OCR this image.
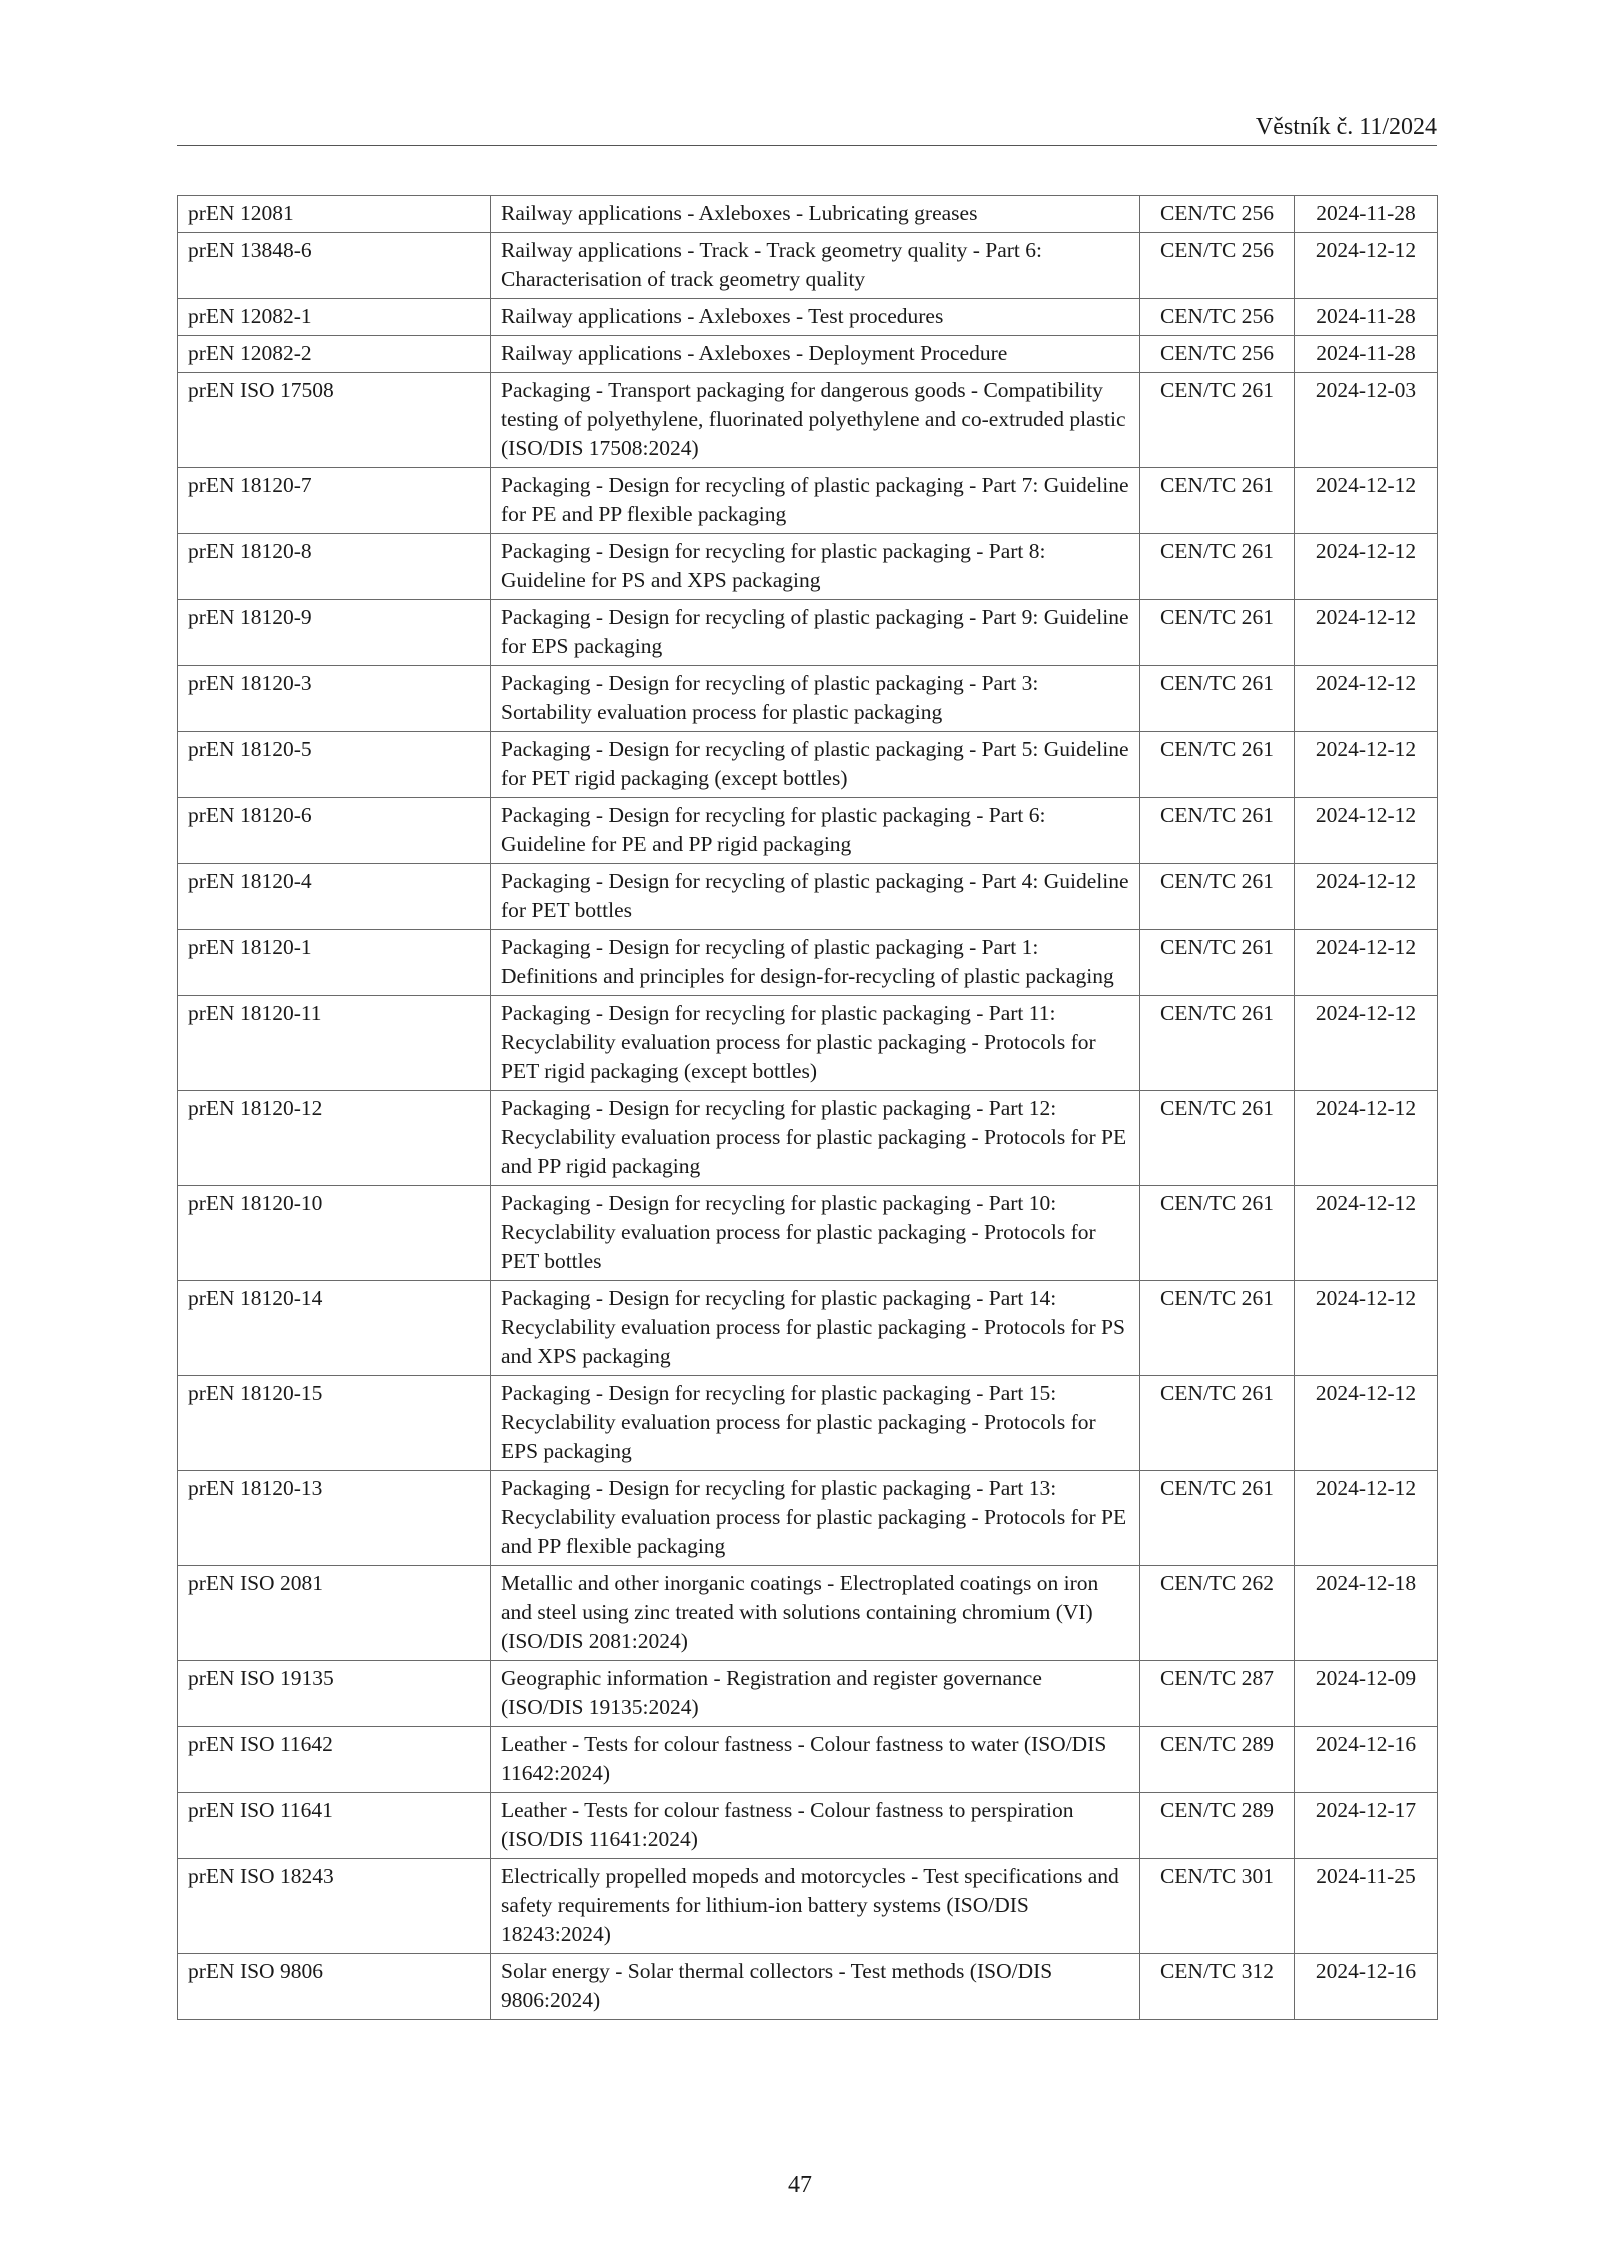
Věstník č. 11/2024
prEN 12081	Railway applications - Axleboxes - Lubricating greases	CEN/TC 256	2024-11-28
prEN 13848-6	Railway applications - Track - Track geometry quality - Part 6: Characterisation of track geometry quality	CEN/TC 256	2024-12-12
prEN 12082-1	Railway applications - Axleboxes - Test procedures	CEN/TC 256	2024-11-28
prEN 12082-2	Railway applications - Axleboxes - Deployment Procedure	CEN/TC 256	2024-11-28
prEN ISO 17508	Packaging - Transport packaging for dangerous goods - Compatibility testing of polyethylene, fluorinated polyethylene and co-extruded plastic (ISO/DIS 17508:2024)	CEN/TC 261	2024-12-03
prEN 18120-7	Packaging - Design for recycling of plastic packaging - Part 7: Guideline for PE and PP flexible packaging	CEN/TC 261	2024-12-12
prEN 18120-8	Packaging - Design for recycling for plastic packaging - Part 8: Guideline for PS and XPS packaging	CEN/TC 261	2024-12-12
prEN 18120-9	Packaging - Design for recycling of plastic packaging - Part 9: Guideline for EPS packaging	CEN/TC 261	2024-12-12
prEN 18120-3	Packaging - Design for recycling of plastic packaging - Part 3: Sortability evaluation process for plastic packaging	CEN/TC 261	2024-12-12
prEN 18120-5	Packaging - Design for recycling of plastic packaging - Part 5: Guideline for PET rigid packaging (except bottles)	CEN/TC 261	2024-12-12
prEN 18120-6	Packaging - Design for recycling for plastic packaging - Part 6: Guideline for PE and PP rigid packaging	CEN/TC 261	2024-12-12
prEN 18120-4	Packaging - Design for recycling of plastic packaging - Part 4: Guideline for PET bottles	CEN/TC 261	2024-12-12
prEN 18120-1	Packaging - Design for recycling of plastic packaging - Part 1: Definitions and principles for design-for-recycling of plastic packaging	CEN/TC 261	2024-12-12
prEN 18120-11	Packaging - Design for recycling for plastic packaging - Part 11: Recyclability evaluation process for plastic packaging - Protocols for PET rigid packaging (except bottles)	CEN/TC 261	2024-12-12
prEN 18120-12	Packaging - Design for recycling for plastic packaging - Part 12: Recyclability evaluation process for plastic packaging - Protocols for PE and PP rigid packaging	CEN/TC 261	2024-12-12
prEN 18120-10	Packaging - Design for recycling for plastic packaging - Part 10: Recyclability evaluation process for plastic packaging - Protocols for PET bottles	CEN/TC 261	2024-12-12
prEN 18120-14	Packaging - Design for recycling for plastic packaging - Part 14: Recyclability evaluation process for plastic packaging - Protocols for PS and XPS packaging	CEN/TC 261	2024-12-12
prEN 18120-15	Packaging - Design for recycling for plastic packaging - Part 15: Recyclability evaluation process for plastic packaging - Protocols for EPS packaging	CEN/TC 261	2024-12-12
prEN 18120-13	Packaging - Design for recycling for plastic packaging - Part 13: Recyclability evaluation process for plastic packaging - Protocols for PE and PP flexible packaging	CEN/TC 261	2024-12-12
prEN ISO 2081	Metallic and other inorganic coatings - Electroplated coatings on iron and steel using zinc treated with solutions containing chromium (VI) (ISO/DIS 2081:2024)	CEN/TC 262	2024-12-18
prEN ISO 19135	Geographic information - Registration and register governance (ISO/DIS 19135:2024)	CEN/TC 287	2024-12-09
prEN ISO 11642	Leather - Tests for colour fastness - Colour fastness to water (ISO/DIS 11642:2024)	CEN/TC 289	2024-12-16
prEN ISO 11641	Leather - Tests for colour fastness - Colour fastness to perspiration (ISO/DIS 11641:2024)	CEN/TC 289	2024-12-17
prEN ISO 18243	Electrically propelled mopeds and motorcycles - Test specifications and safety requirements for lithium-ion battery systems (ISO/DIS 18243:2024)	CEN/TC 301	2024-11-25
prEN ISO 9806	Solar energy - Solar thermal collectors - Test methods (ISO/DIS 9806:2024)	CEN/TC 312	2024-12-16
47
